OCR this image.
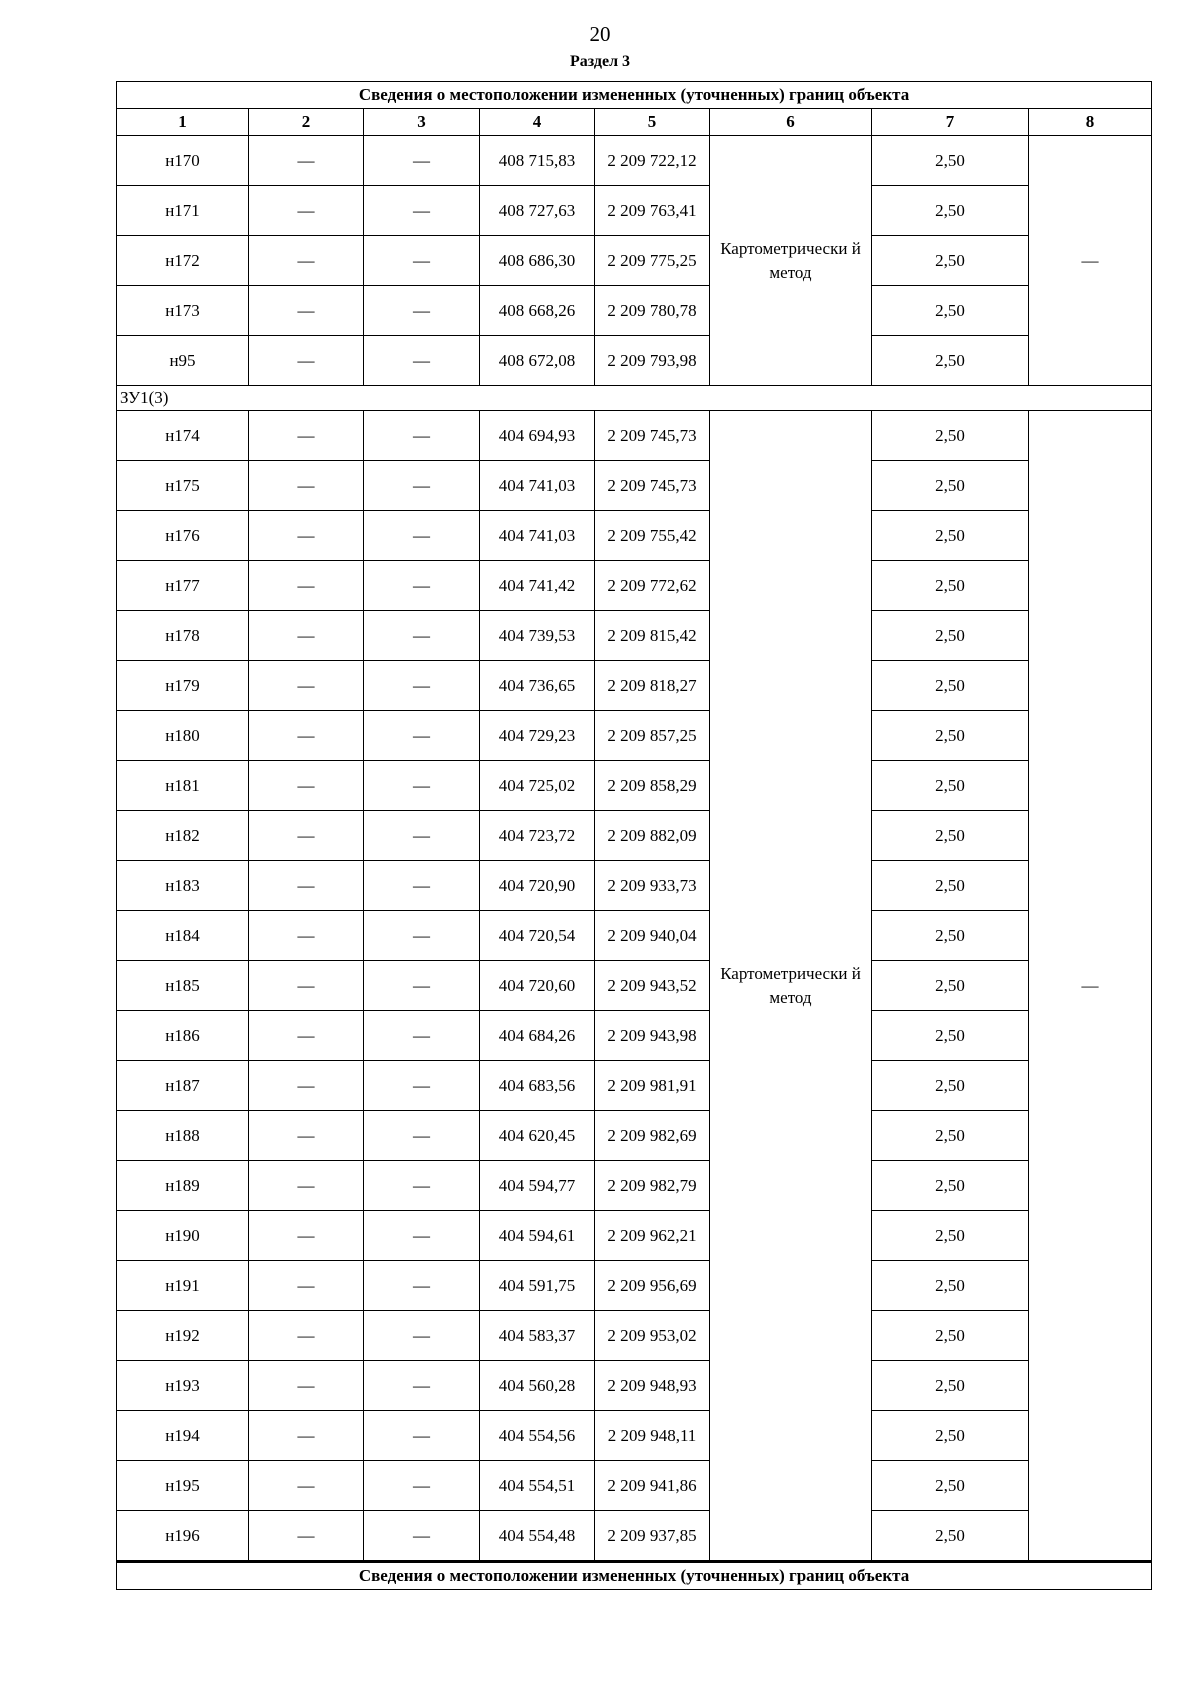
20
Раздел 3
Сведения о местоположении измененных (уточненных) границ объекта							
1	2	3	4	5	6	7	8
н170	—	—	408 715,83	2 209 722,12	Картометрически й метод	2,50	—
н171	—	—	408 727,63	2 209 763,41		2,50	
н172	—	—	408 686,30	2 209 775,25		2,50	
н173	—	—	408 668,26	2 209 780,78		2,50	
н95	—	—	408 672,08	2 209 793,98		2,50	
ЗУ1(3)							
н174	—	—	404 694,93	2 209 745,73	Картометрически й метод	2,50	—
н175	—	—	404 741,03	2 209 745,73		2,50	
н176	—	—	404 741,03	2 209 755,42		2,50	
н177	—	—	404 741,42	2 209 772,62		2,50	
н178	—	—	404 739,53	2 209 815,42		2,50	
н179	—	—	404 736,65	2 209 818,27		2,50	
н180	—	—	404 729,23	2 209 857,25		2,50	
н181	—	—	404 725,02	2 209 858,29		2,50	
н182	—	—	404 723,72	2 209 882,09		2,50	
н183	—	—	404 720,90	2 209 933,73		2,50	
н184	—	—	404 720,54	2 209 940,04		2,50	
н185	—	—	404 720,60	2 209 943,52		2,50	
н186	—	—	404 684,26	2 209 943,98		2,50	
н187	—	—	404 683,56	2 209 981,91		2,50	
н188	—	—	404 620,45	2 209 982,69		2,50	
н189	—	—	404 594,77	2 209 982,79		2,50	
н190	—	—	404 594,61	2 209 962,21		2,50	
н191	—	—	404 591,75	2 209 956,69		2,50	
н192	—	—	404 583,37	2 209 953,02		2,50	
н193	—	—	404 560,28	2 209 948,93		2,50	
н194	—	—	404 554,56	2 209 948,11		2,50	
н195	—	—	404 554,51	2 209 941,86		2,50	
н196	—	—	404 554,48	2 209 937,85		2,50	
Сведения о местоположении измененных (уточненных) границ объекта							
